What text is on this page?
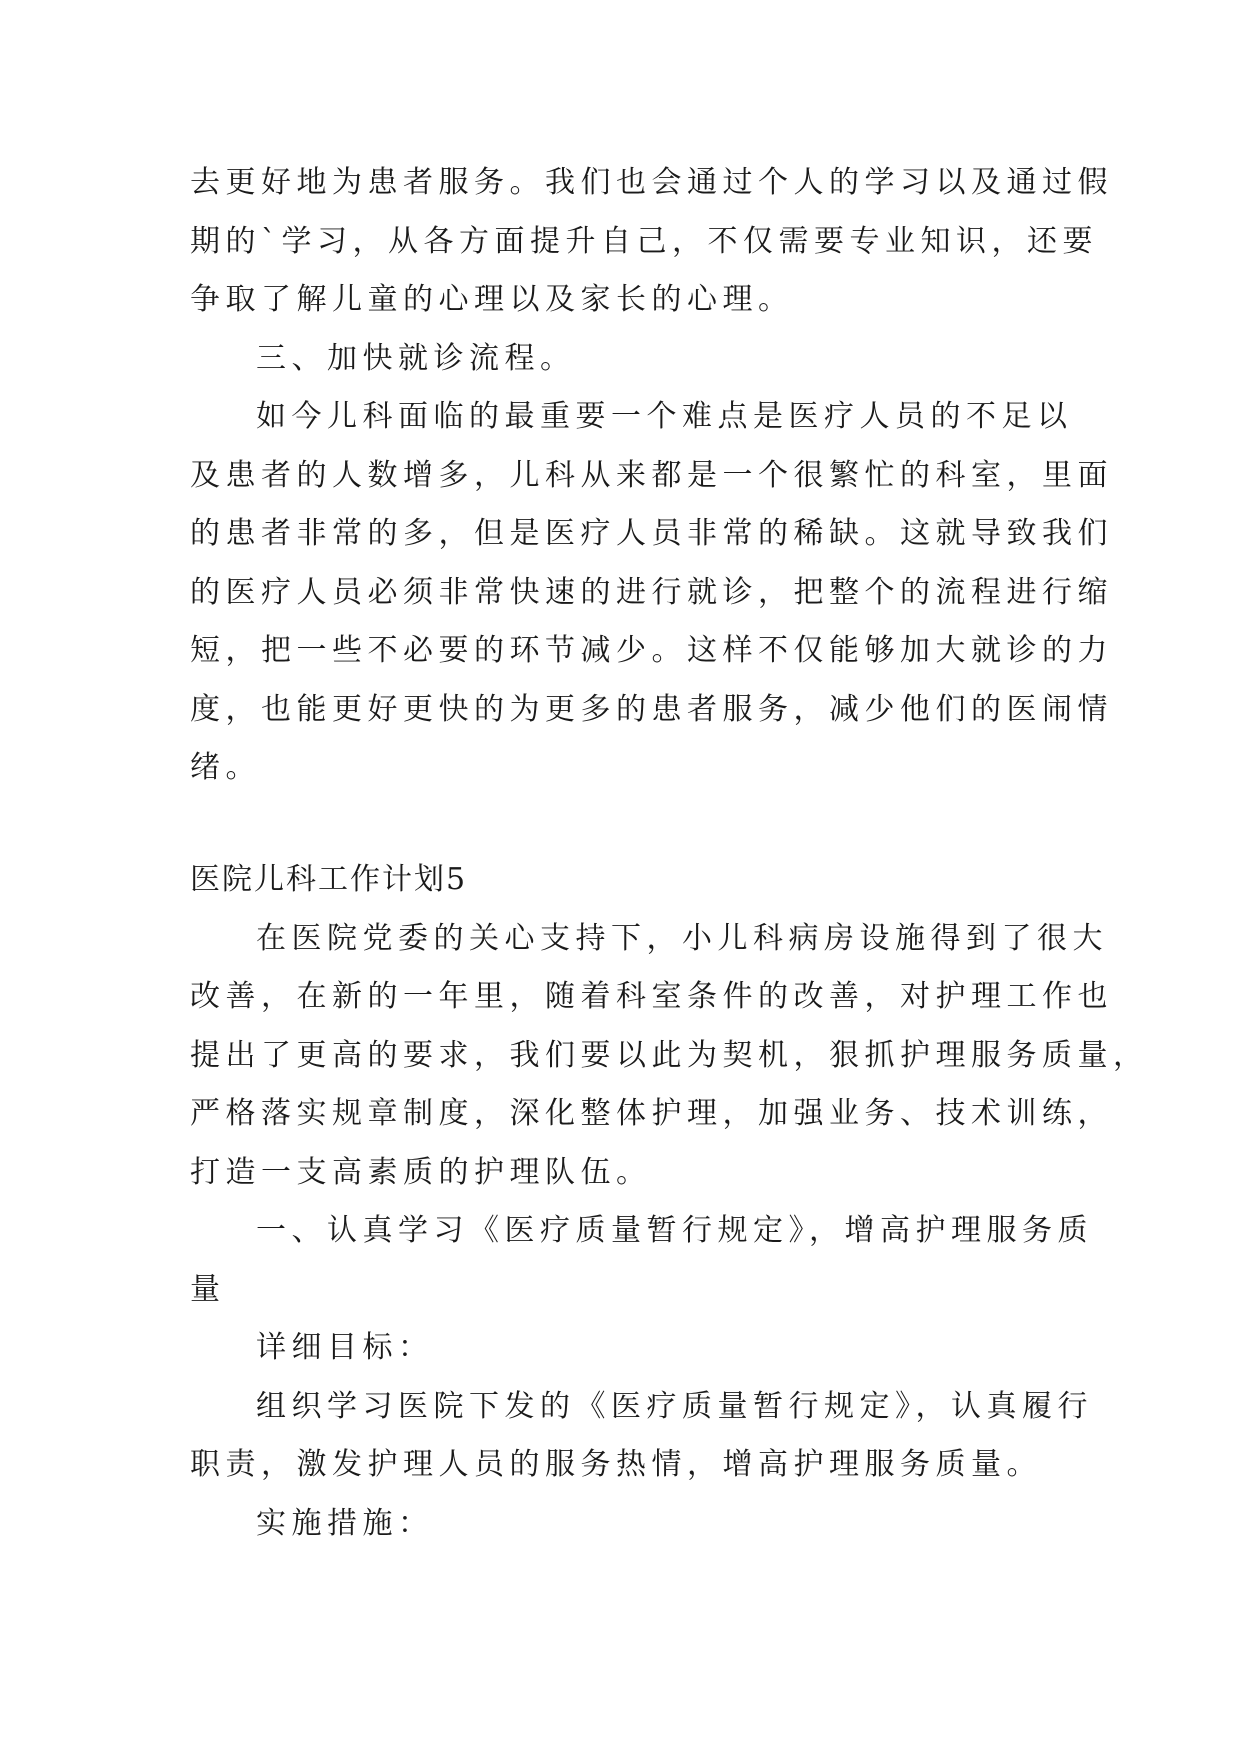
去更好地为患者服务。我们也会通过个人的学习以及通过假
期的`学习，从各方面提升自己，不仅需要专业知识，还要
争取了解儿童的心理以及家长的心理。
三、加快就诊流程。
如今儿科面临的最重要一个难点是医疗人员的不足以
及患者的人数增多，儿科从来都是一个很繁忙的科室，里面
的患者非常的多，但是医疗人员非常的稀缺。这就导致我们
的医疗人员必须非常快速的进行就诊，把整个的流程进行缩
短，把一些不必要的环节减少。这样不仅能够加大就诊的力
度，也能更好更快的为更多的患者服务，减少他们的医闹情
绪。
医院儿科工作计划5
在医院党委的关心支持下，小儿科病房设施得到了很大
改善，在新的一年里，随着科室条件的改善，对护理工作也
提出了更高的要求，我们要以此为契机，狠抓护理服务质量，
严格落实规章制度，深化整体护理，加强业务、技术训练，
打造一支高素质的护理队伍。
一、认真学习《医疗质量暂行规定》，增高护理服务质
量
详细目标：
组织学习医院下发的《医疗质量暂行规定》，认真履行
职责，激发护理人员的服务热情，增高护理服务质量。
实施措施：
